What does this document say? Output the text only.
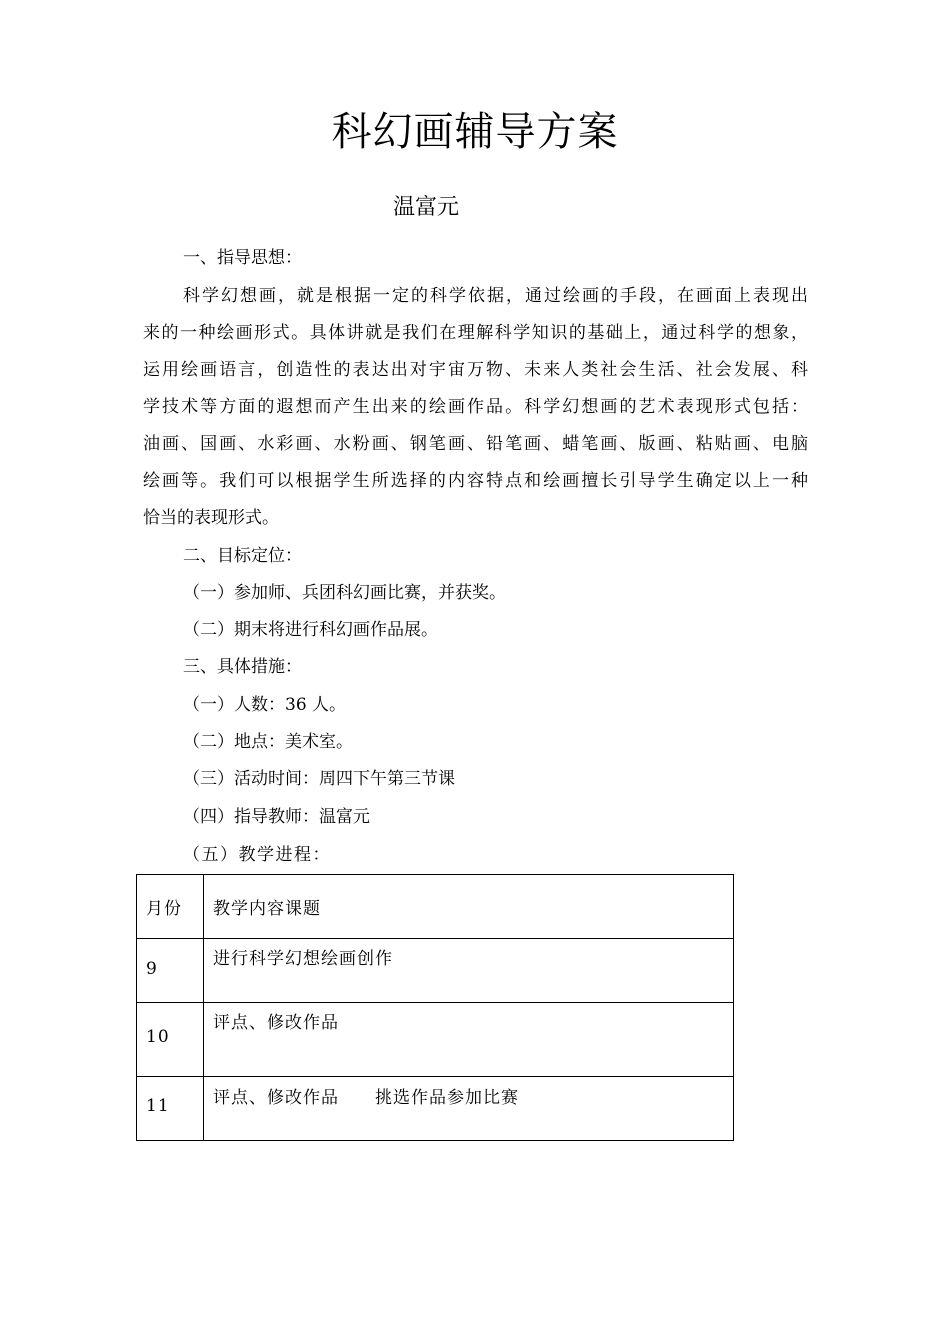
科幻画辅导方案
温富元
一、指导思想：
科学幻想画，就是根据一定的科学依据，通过绘画的手段，在画面上表现出
来的一种绘画形式。具体讲就是我们在理解科学知识的基础上，通过科学的想象，
运用绘画语言，创造性的表达出对宇宙万物、未来人类社会生活、社会发展、科
学技术等方面的遐想而产生出来的绘画作品。科学幻想画的艺术表现形式包括：
油画、国画、水彩画、水粉画、钢笔画、铅笔画、蜡笔画、版画、粘贴画、电脑
绘画等。我们可以根据学生所选择的内容特点和绘画擅长引导学生确定以上一种
恰当的表现形式。
二、目标定位：
（一）参加师、兵团科幻画比赛，并获奖。
（二）期末将进行科幻画作品展。
三、具体措施：
（一）人数：36 人。
（二）地点：美术室。
（三）活动时间：周四下午第三节课
（四）指导教师：温富元
（五）教学进程：
月份	教学内容课题

9	进行科学幻想绘画创作

10	评点、修改作品

11	评点、修改作品　　挑选作品参加比赛
